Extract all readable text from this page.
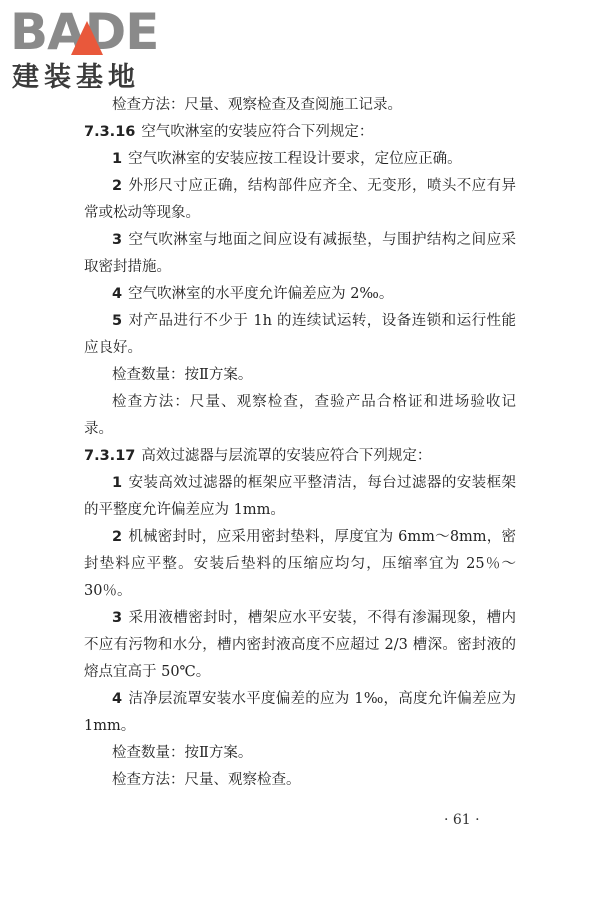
BADE
建装基地

检查方法：尺量、观察检查及查阅施工记录。

7.3.16 空气吹淋室的安装应符合下列规定：

1 空气吹淋室的安装应按工程设计要求，定位应正确。

2 外形尺寸应正确，结构部件应齐全、无变形，喷头不应有异常或松动等现象。

3 空气吹淋室与地面之间应设有减振垫，与围护结构之间应采取密封措施。

4 空气吹淋室的水平度允许偏差应为 2‰。

5 对产品进行不少于 1h 的连续试运转，设备连锁和运行性能应良好。

检查数量：按Ⅱ方案。

检查方法：尺量、观察检查，查验产品合格证和进场验收记录。

7.3.17 高效过滤器与层流罩的安装应符合下列规定：

1 安装高效过滤器的框架应平整清洁，每台过滤器的安装框架的平整度允许偏差应为 1mm。

2 机械密封时，应采用密封垫料，厚度宜为 6mm～8mm，密封垫料应平整。安装后垫料的压缩应均匀，压缩率宜为 25％～30％。

3 采用液槽密封时，槽架应水平安装，不得有渗漏现象，槽内不应有污物和水分，槽内密封液高度不应超过 2/3 槽深。密封液的熔点宜高于 50℃。

4 洁净层流罩安装水平度偏差的应为 1‰，高度允许偏差应为 1mm。

检查数量：按Ⅱ方案。

检查方法：尺量、观察检查。

· 61 ·
